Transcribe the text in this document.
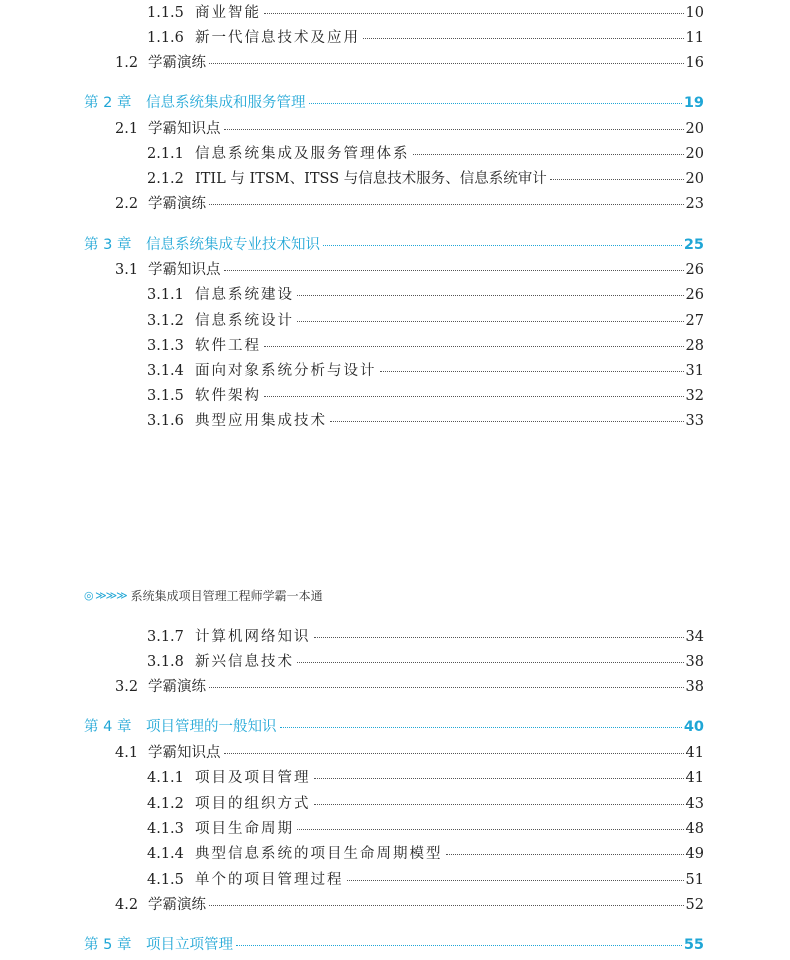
1.1.5 商业智能	10
1.1.6 新一代信息技术及应用	11
1.2 学霸演练	16
第 2 章	信息系统集成和服务管理	19
2.1 学霸知识点	20
2.1.1 信息系统集成及服务管理体系	20
2.1.2 ITIL 与 ITSM、ITSS 与信息技术服务、信息系统审计	20
2.2 学霸演练	23
第 3 章	信息系统集成专业技术知识	25
3.1 学霸知识点	26
3.1.1 信息系统建设	26
3.1.2 信息系统设计	27
3.1.3 软件工程	28
3.1.4 面向对象系统分析与设计	31
3.1.5 软件架构	32
3.1.6 典型应用集成技术	33
◎ ≫≫≫ 系统集成项目管理工程师学霸一本通
3.1.7 计算机网络知识	34
3.1.8 新兴信息技术	38
3.2 学霸演练	38
第 4 章	项目管理的一般知识	40
4.1 学霸知识点	41
4.1.1 项目及项目管理	41
4.1.2 项目的组织方式	43
4.1.3 项目生命周期	48
4.1.4 典型信息系统的项目生命周期模型	49
4.1.5 单个的项目管理过程	51
4.2 学霸演练	52
第 5 章	项目立项管理	55
